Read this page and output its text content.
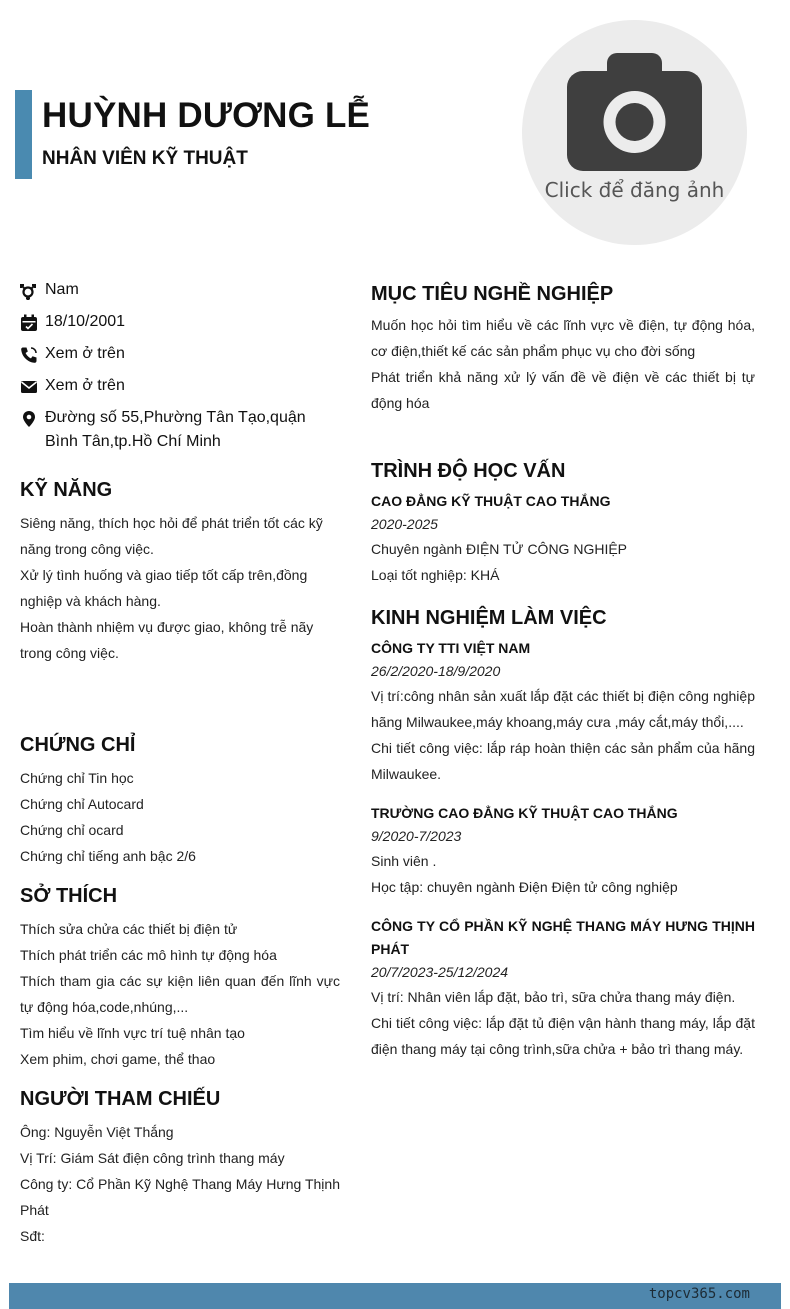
HUỲNH DƯƠNG LỄ
NHÂN VIÊN KỸ THUẬT
Click để đăng ảnh
Nam
18/10/2001
Xem ở trên
Xem ở trên
Đường số 55,Phường Tân Tạo,quận Bình Tân,tp.Hồ Chí Minh
KỸ NĂNG
Siêng năng, thích học hỏi để phát triển tốt các kỹ năng trong công việc.
Xử lý tình huống và giao tiếp tốt cấp trên,đồng nghiệp và khách hàng.
Hoàn thành nhiệm vụ được giao, không trễ nãy trong công việc.
CHỨNG CHỈ
Chứng chỉ Tin học
Chứng chỉ Autocard
Chứng chỉ ocard
Chứng chỉ tiếng anh bậc 2/6
SỞ THÍCH
Thích sửa chửa các thiết bị điện tử
Thích phát triển các mô hình tự động hóa
Thích tham gia các sự kiện liên quan đến lĩnh vực tự động hóa,code,nhúng,...
Tìm hiểu về lĩnh vực trí tuệ nhân tạo
Xem phim, chơi game, thể thao
NGƯỜI THAM CHIẾU
Ông: Nguyễn Việt Thắng
Vị Trí: Giám Sát điện công trình thang máy
Công ty: Cổ Phần Kỹ Nghệ Thang Máy Hưng Thịnh Phát
Sđt:
MỤC TIÊU NGHỀ NGHIỆP
Muốn học hỏi tìm hiểu về các lĩnh vực về điện, tự động hóa, cơ điện,thiết kế các sản phẩm phục vụ cho đời sống
Phát triển khả năng xử lý vấn đề về điện về các thiết bị tự động hóa
TRÌNH ĐỘ HỌC VẤN
CAO ĐẲNG KỸ THUẬT CAO THẮNG
2020-2025
Chuyên ngành ĐIỆN TỬ CÔNG NGHIỆP
Loại tốt nghiệp: KHÁ
KINH NGHIỆM LÀM VIỆC
CÔNG TY TTI VIỆT NAM
26/2/2020-18/9/2020
Vị trí:công nhân sản xuất lắp đặt các thiết bị điện công nghiệp hãng Milwaukee,máy khoang,máy cưa ,máy cắt,máy thổi,....
Chi tiết công việc: lắp ráp hoàn thiện các sản phẩm của hãng Milwaukee.
TRƯỜNG CAO ĐẲNG KỸ THUẬT CAO THẮNG
9/2020-7/2023
Sinh viên .
Học tập: chuyên ngành Điện Điện tử công nghiệp
CÔNG TY CỔ PHẦN KỸ NGHỆ THANG MÁY HƯNG THỊNH PHÁT
20/7/2023-25/12/2024
Vị trí: Nhân viên lắp đặt, bảo trì, sữa chửa thang máy điện.
Chi tiết công việc: lắp đặt tủ điện vận hành thang máy, lắp đặt điện thang máy tại công trình,sữa chửa + bảo trì thang máy.
topcv365.com
